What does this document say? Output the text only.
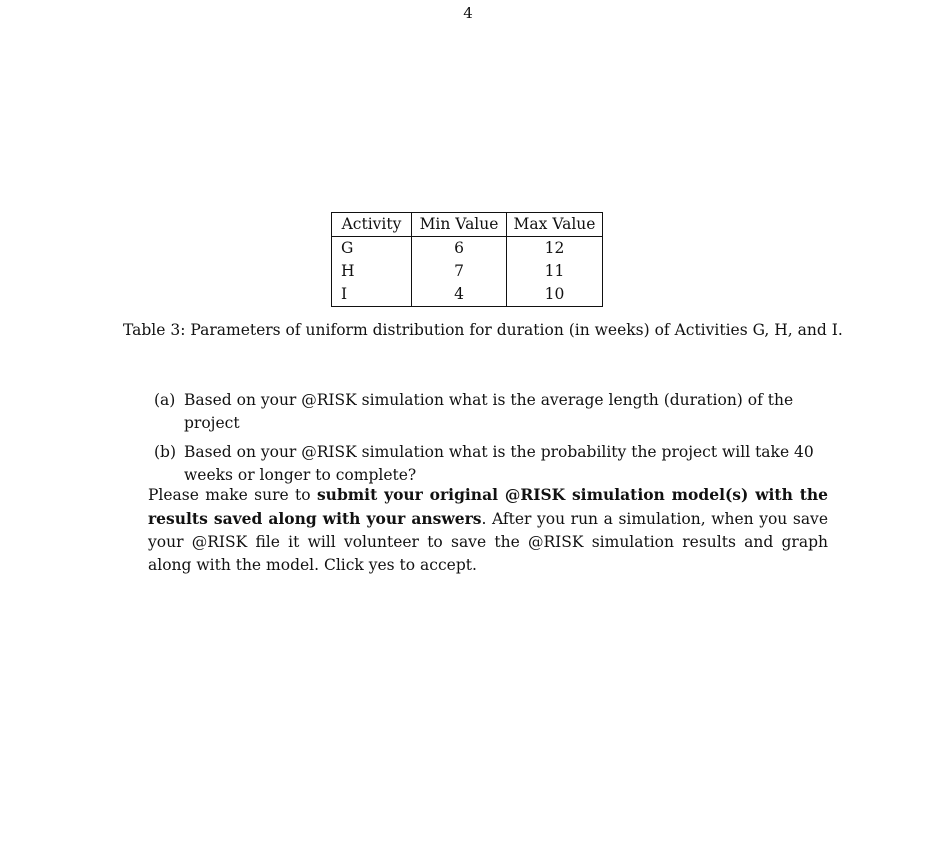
4
Activity	Min Value	Max Value
G	6	12
H	7	11
I	4	10
Table 3: Parameters of uniform distribution for duration (in weeks) of Activities G, H, and I.
(a) Based on your @RISK simulation what is the average length (duration) of the project
(b) Based on your @RISK simulation what is the probability the project will take 40 weeks or longer to complete?

Please make sure to submit your original @RISK simulation model(s) with the results saved along with your answers. After you run a simulation, when you save your @RISK file it will volunteer to save the @RISK simulation results and graph along with the model. Click yes to accept.
